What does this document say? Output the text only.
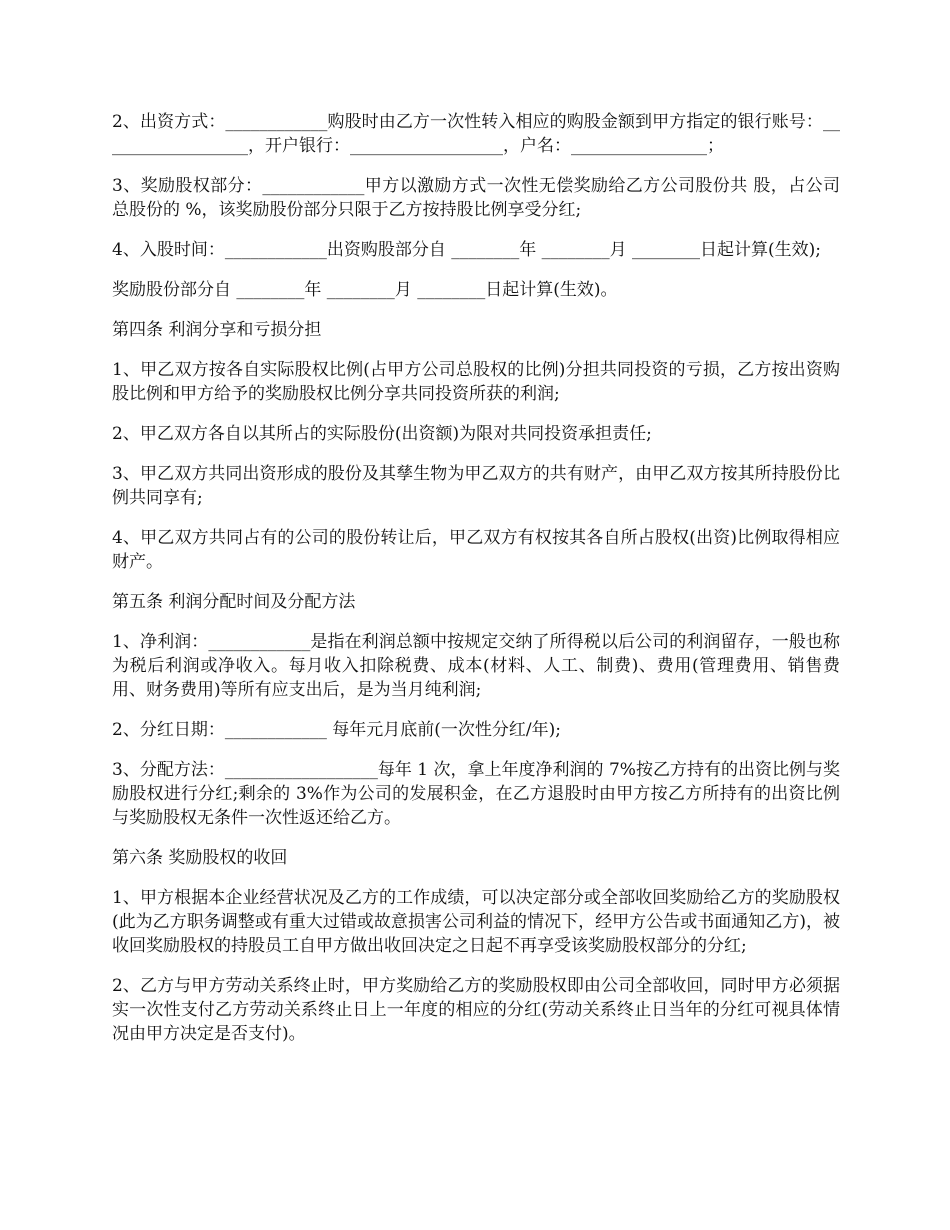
2、出资方式：____________购股时由乙方一次性转入相应的购股金额到甲方指定的银行账号：__________________，开户银行：__________________，户名：________________；

3、奖励股权部分：____________甲方以激励方式一次性无偿奖励给乙方公司股份共 股，占公司总股份的 %，该奖励股份部分只限于乙方按持股比例享受分红;

4、入股时间：____________出资购股部分自 ________年 ________月 ________日起计算(生效);

奖励股份部分自 ________年 ________月 ________日起计算(生效)。

第四条 利润分享和亏损分担

1、甲乙双方按各自实际股权比例(占甲方公司总股权的比例)分担共同投资的亏损，乙方按出资购股比例和甲方给予的奖励股权比例分享共同投资所获的利润;

2、甲乙双方各自以其所占的实际股份(出资额)为限对共同投资承担责任;

3、甲乙双方共同出资形成的股份及其孳生物为甲乙双方的共有财产，由甲乙双方按其所持股份比例共同享有;

4、甲乙双方共同占有的公司的股份转让后，甲乙双方有权按其各自所占股权(出资)比例取得相应财产。

第五条 利润分配时间及分配方法

1、净利润：____________是指在利润总额中按规定交纳了所得税以后公司的利润留存，一般也称为税后利润或净收入。每月收入扣除税费、成本(材料、人工、制费)、费用(管理费用、销售费用、财务费用)等所有应支出后，是为当月纯利润;

2、分红日期：____________ 每年元月底前(一次性分红/年);

3、分配方法：__________________每年 1 次，拿上年度净利润的 7%按乙方持有的出资比例与奖励股权进行分红;剩余的 3%作为公司的发展积金，在乙方退股时由甲方按乙方所持有的出资比例与奖励股权无条件一次性返还给乙方。

第六条 奖励股权的收回

1、甲方根据本企业经营状况及乙方的工作成绩，可以决定部分或全部收回奖励给乙方的奖励股权(此为乙方职务调整或有重大过错或故意损害公司利益的情况下，经甲方公告或书面通知乙方)，被收回奖励股权的持股员工自甲方做出收回决定之日起不再享受该奖励股权部分的分红;

2、乙方与甲方劳动关系终止时，甲方奖励给乙方的奖励股权即由公司全部收回，同时甲方必须据实一次性支付乙方劳动关系终止日上一年度的相应的分红(劳动关系终止日当年的分红可视具体情况由甲方决定是否支付)。
